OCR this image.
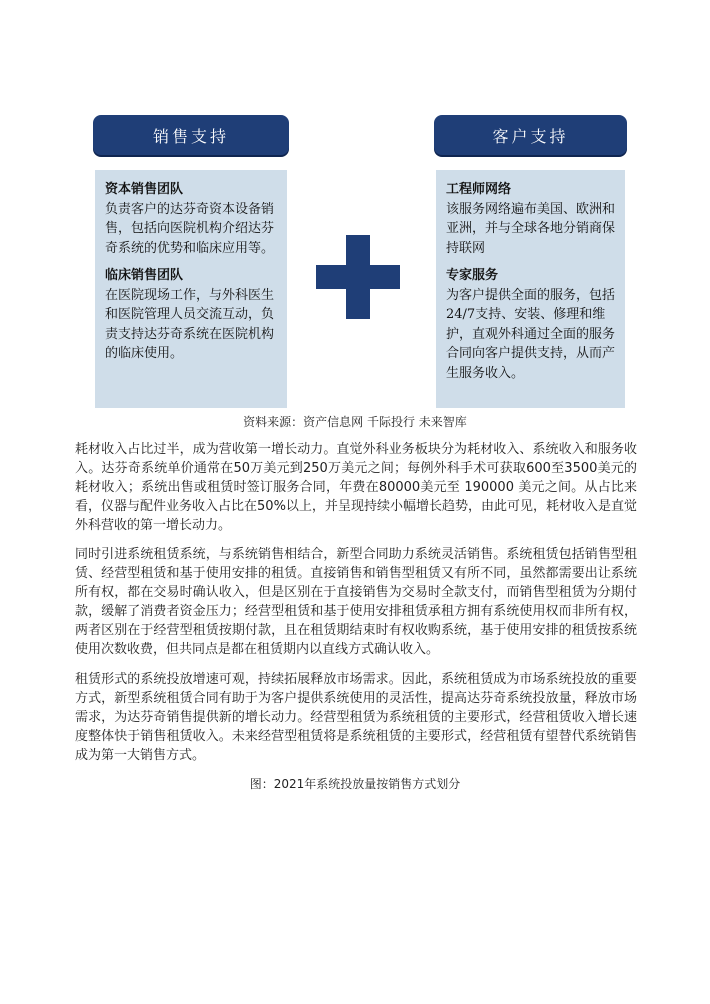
销售支持

资本销售团队

负责客户的达芬奇资本设备销售，包括向医院机构介绍达芬奇系统的优势和临床应用等。

临床销售团队

在医院现场工作，与外科医生和医院管理人员交流互动，负责支持达芬奇系统在医院机构的临床使用。

客户支持

工程师网络

该服务网络遍布美国、欧洲和亚洲，并与全球各地分销商保持联网

专家服务

为客户提供全面的服务，包括24/7支持、安装、修理和维护，直观外科通过全面的服务合同向客户提供支持，从而产生服务收入。

资料来源：资产信息网 千际投行 未来智库

耗材收入占比过半，成为营收第一增长动力。直觉外科业务板块分为耗材收入、系统收入和服务收入。达芬奇系统单价通常在50万美元到250万美元之间；每例外科手术可获取600至3500美元的耗材收入；系统出售或租赁时签订服务合同，年费在80000美元至 190000 美元之间。从占比来看，仪器与配件业务收入占比在50%以上，并呈现持续小幅增长趋势，由此可见，耗材收入是直觉外科营收的第一增长动力。

同时引进系统租赁系统，与系统销售相结合，新型合同助力系统灵活销售。系统租赁包括销售型租赁、经营型租赁和基于使用安排的租赁。直接销售和销售型租赁又有所不同，虽然都需要出让系统所有权，都在交易时确认收入，但是区别在于直接销售为交易时全款支付，而销售型租赁为分期付款，缓解了消费者资金压力；经营型租赁和基于使用安排租赁承租方拥有系统使用权而非所有权，两者区别在于经营型租赁按期付款，且在租赁期结束时有权收购系统，基于使用安排的租赁按系统使用次数收费，但共同点是都在租赁期内以直线方式确认收入。

租赁形式的系统投放增速可观，持续拓展释放市场需求。因此，系统租赁成为市场系统投放的重要方式，新型系统租赁合同有助于为客户提供系统使用的灵活性，提高达芬奇系统投放量，释放市场需求，为达芬奇销售提供新的增长动力。经营型租赁为系统租赁的主要形式，经营租赁收入增长速度整体快于销售租赁收入。未来经营型租赁将是系统租赁的主要形式，经营租赁有望替代系统销售成为第一大销售方式。

图：2021年系统投放量按销售方式划分
